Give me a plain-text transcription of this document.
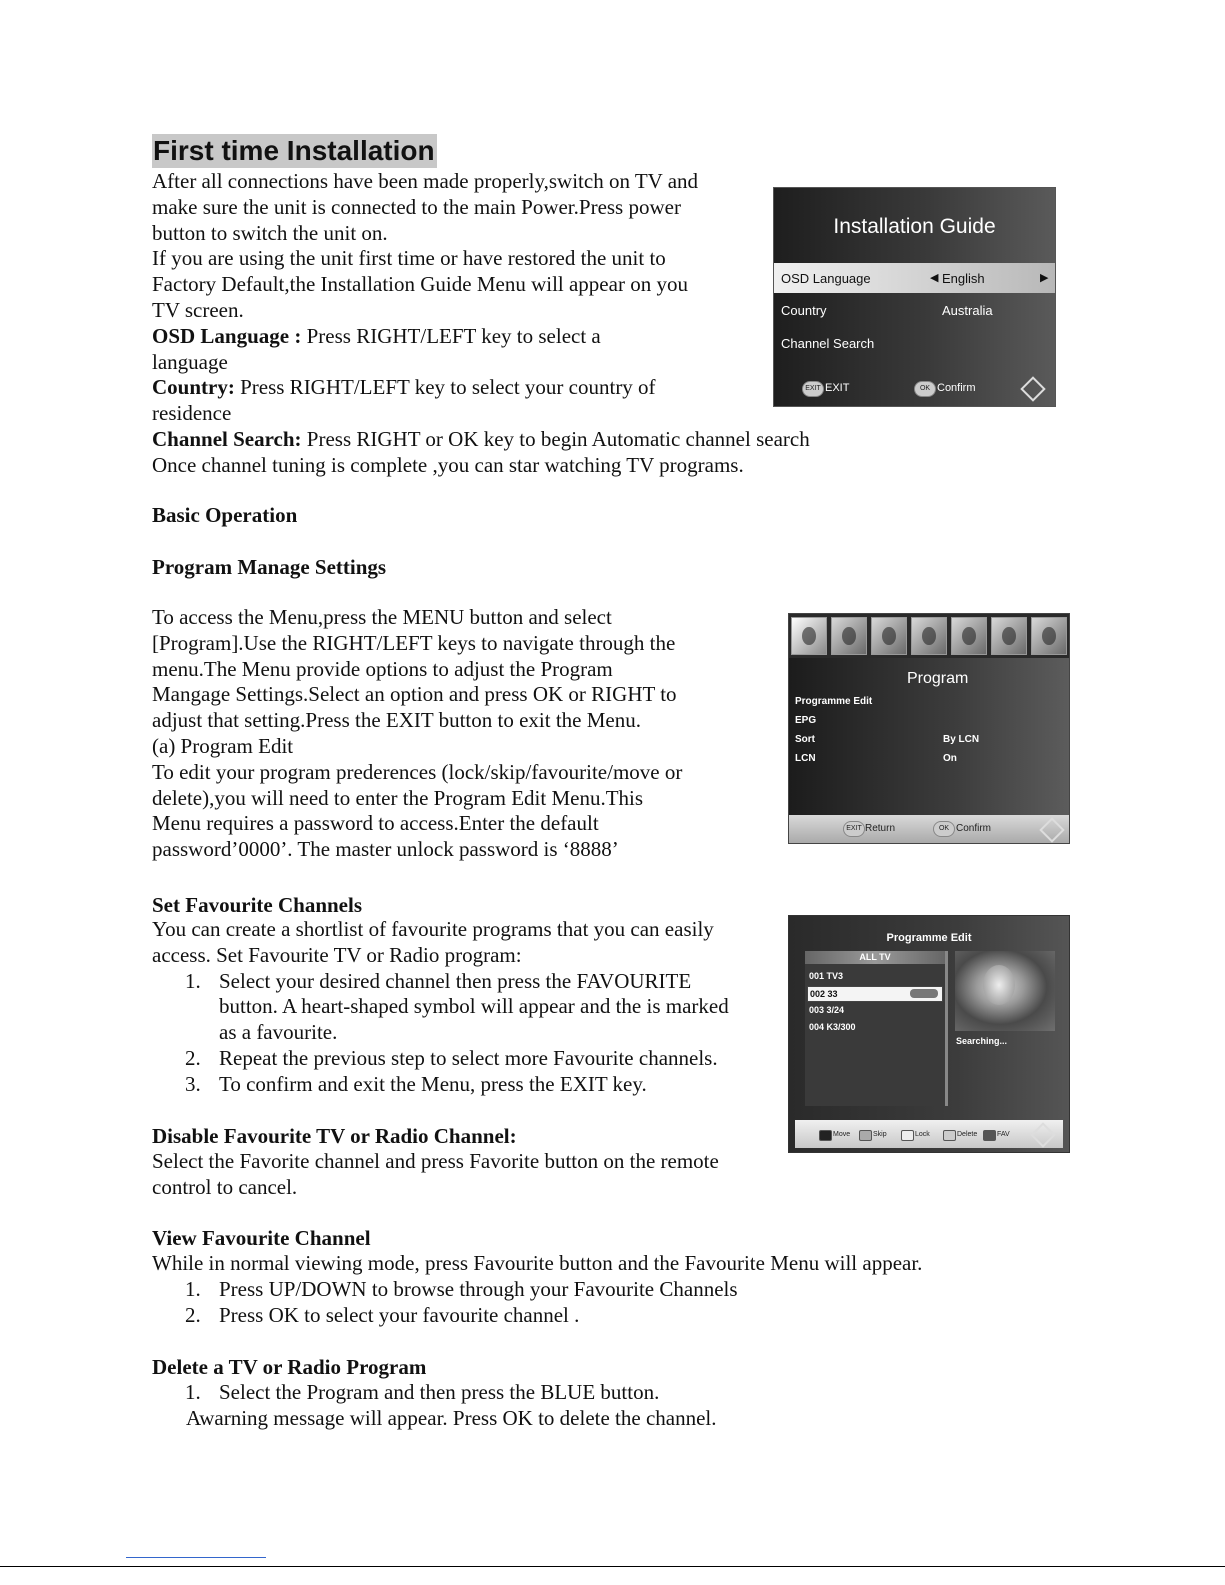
First time Installation

After all connections have been made properly,switch on TV and

make sure the unit is connected to the main Power.Press power

button to switch the unit on.

If you are using the unit first time or have restored the unit to

Factory Default,the Installation Guide Menu will appear on you

TV screen.

OSD Language : Press RIGHT/LEFT key to select a

language

Country: Press RIGHT/LEFT key to select your country of

residence

Channel Search: Press RIGHT or OK key to begin Automatic channel search

Once channel tuning is complete ,you can star watching TV programs.

Installation Guide
OSD Language	◀ English	▶
Country	Australia
Channel Search
EXIT EXIT	OK Confirm
Basic Operation
Program Manage Settings

To access the Menu,press the MENU button and select

[Program].Use the RIGHT/LEFT keys to navigate through the

menu.The Menu provide options to adjust the Program

Mangage Settings.Select an option and press OK or RIGHT to

adjust that setting.Press the EXIT button to exit the Menu.

(a) Program Edit

To edit your program prederences (lock/skip/favourite/move or

delete),you will need to enter the Program Edit Menu.This

Menu requires a password to access.Enter the default

password’0000’. The master unlock password is ‘8888’

Program
Programme Edit
EPG
Sort	By LCN
LCN	On
EXIT Return	OK Confirm
Set Favourite Channels

You can create a shortlist of favourite programs that you can easily

access. Set Favourite TV or Radio program:

1. Select your desired channel then press the FAVOURITE
button. A heart-shaped symbol will appear and the is marked
as a favourite.
2. Repeat the previous step to select more Favourite channels.
3. To confirm and exit the Menu, press the EXIT key.
Programme Edit
ALL TV
001 TV3
002 33
003 3/24
004 K3/300
Searching...
Move	Skip	Lock	Delete	FAV
Disable Favourite TV or Radio Channel:

Select the Favorite channel and press Favorite button on the remote

control to cancel.

View Favourite Channel

While in normal viewing mode, press Favourite button and the Favourite Menu will appear.

1. Press UP/DOWN to browse through your Favourite Channels
2. Press OK to select your favourite channel .
Delete a TV or Radio Program
1. Select the Program and then press the BLUE button.

Awarning message will appear. Press OK to delete the channel.
